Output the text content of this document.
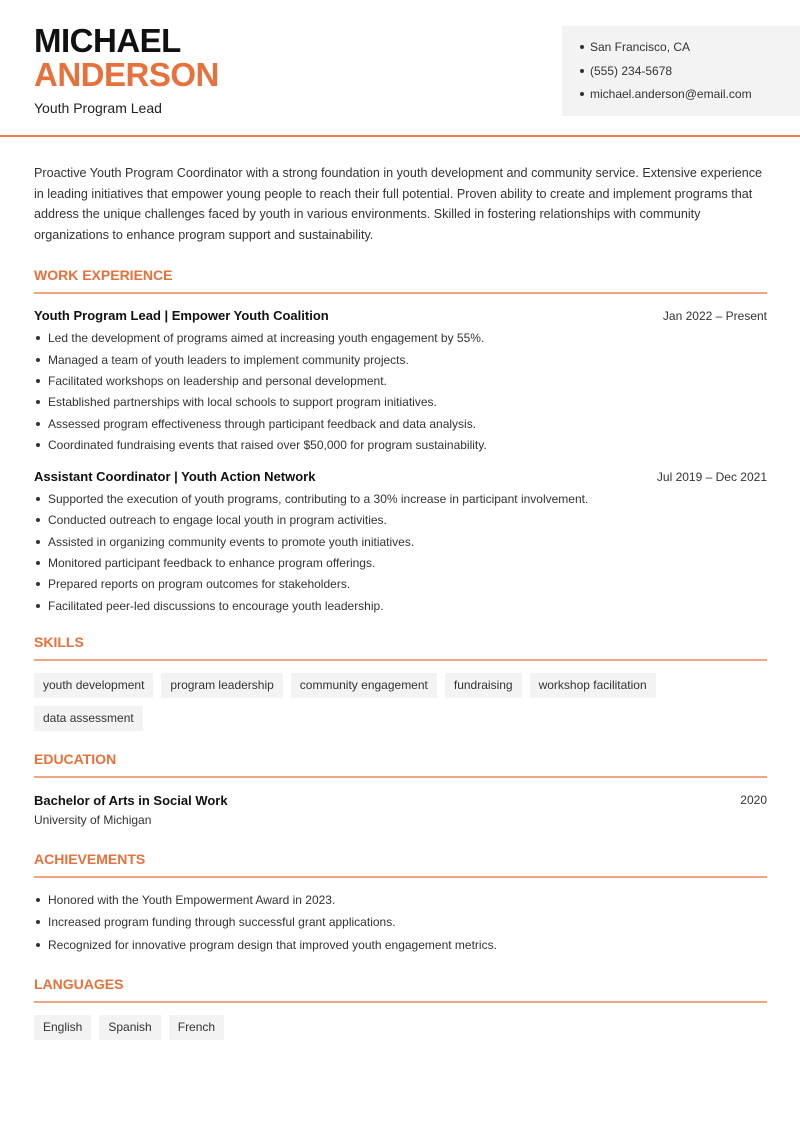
MICHAEL
ANDERSON
Youth Program Lead
San Francisco, CA
(555) 234-5678
michael.anderson@email.com

Proactive Youth Program Coordinator with a strong foundation in youth development and community service. Extensive experience in leading initiatives that empower young people to reach their full potential. Proven ability to create and implement programs that address the unique challenges faced by youth in various environments. Skilled in fostering relationships with community organizations to enhance program support and sustainability.

WORK EXPERIENCE
Youth Program Lead | Empower Youth Coalition	Jan 2022 – Present
Led the development of programs aimed at increasing youth engagement by 55%.
Managed a team of youth leaders to implement community projects.
Facilitated workshops on leadership and personal development.
Established partnerships with local schools to support program initiatives.
Assessed program effectiveness through participant feedback and data analysis.
Coordinated fundraising events that raised over $50,000 for program sustainability.
Assistant Coordinator | Youth Action Network	Jul 2019 – Dec 2021
Supported the execution of youth programs, contributing to a 30% increase in participant involvement.
Conducted outreach to engage local youth in program activities.
Assisted in organizing community events to promote youth initiatives.
Monitored participant feedback to enhance program offerings.
Prepared reports on program outcomes for stakeholders.
Facilitated peer-led discussions to encourage youth leadership.
SKILLS
youth development	program leadership	community engagement	fundraising	workshop facilitation
data assessment
EDUCATION
Bachelor of Arts in Social Work	2020
University of Michigan
ACHIEVEMENTS
Honored with the Youth Empowerment Award in 2023.
Increased program funding through successful grant applications.
Recognized for innovative program design that improved youth engagement metrics.
LANGUAGES
English	Spanish	French
